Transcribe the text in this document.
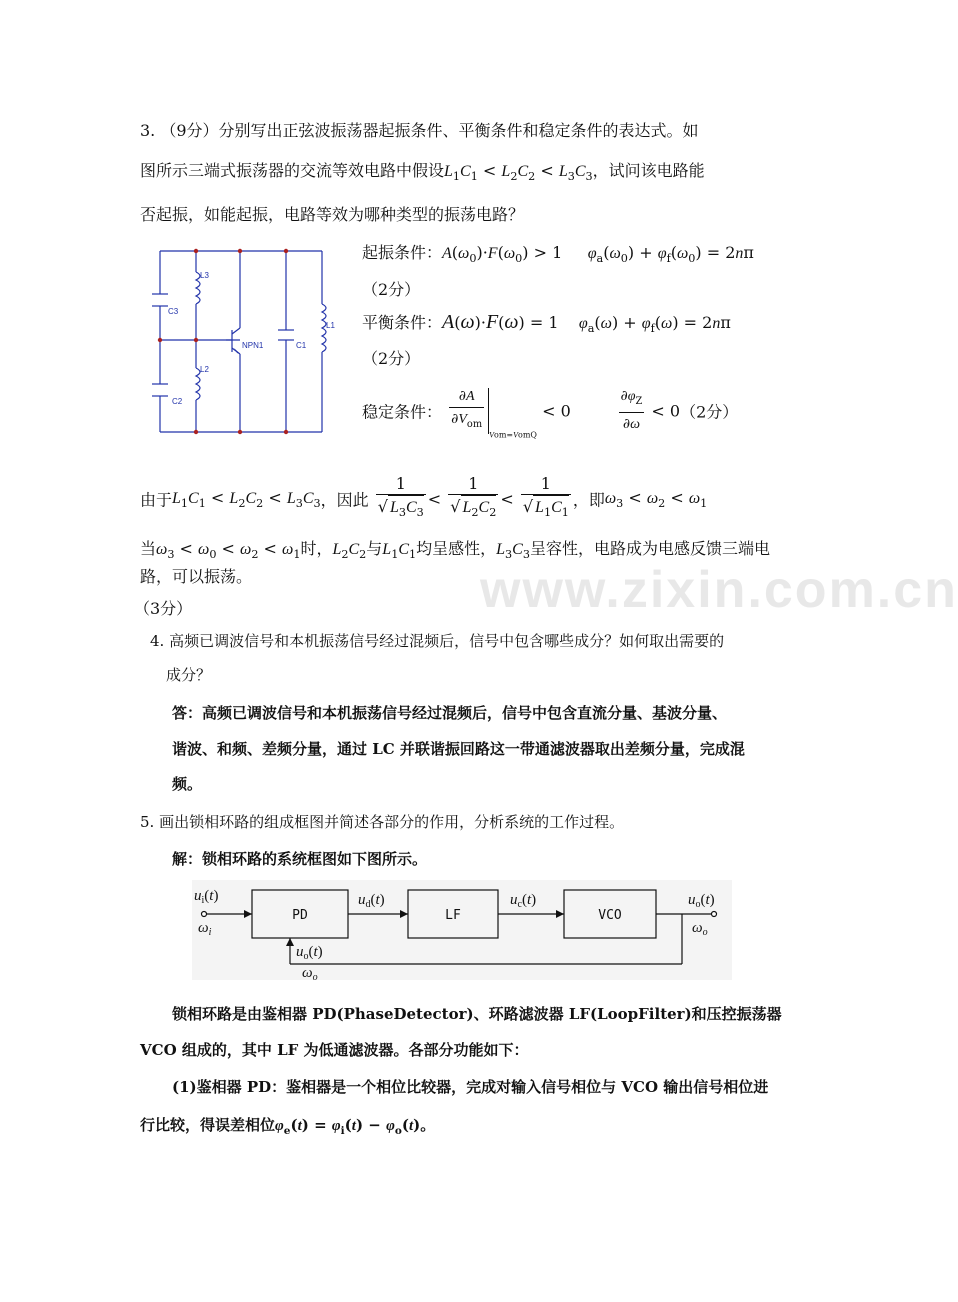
www.zixin.com.cn
3. （9分）分别写出正弦波振荡器起振条件、平衡条件和稳定条件的表达式。如
图所示三端式振荡器的交流等效电路中假设$L_1C_1 < L_2C_2 < L_3C_3$，试问该电路能
否起振，如能起振，电路等效为哪种类型的振荡电路？
C3
L3
NPN1	C1
L1
L2
C2
起振条件：$A(\omega_0)\cdot F(\omega_0) > 1$     $\varphi_a(\omega_0) + \varphi_f(\omega_0) = 2n\pi$
（2分）
平衡条件：A(ω)·F(ω) = 1    $\varphi_a(\omega) + \varphi_f(\omega) = 2n\pi$
（2分）
稳定条件： $\frac{\partial A}{\partial V_{om}} _{Vom=VomQ} < 0 \frac{\partial\varphi_Z}{\partial\omega} < 0(2$分）
由于$L_1C_1 < L_2C_2 < L_3C_3$，因此 $\frac{1}{√ L_3C_3} < \frac{1}{√ L_2C_2} < \frac{1}{√ L_1C_1}$ ，即$\omega_3 < \omega_2 < \omega_1$
当$\omega_3 < \omega_0 < \omega_2 < \omega_1$时，$L_2C_2$与$L_1C_1$均呈感性，$L_3C_3$呈容性，电路成为电感反馈三端电
路，可以振荡。
（3分）
4. 高频已调波信号和本机振荡信号经过混频后，信号中包含哪些成分？如何取出需要的
成分？
答：高频已调波信号和本机振荡信号经过混频后，信号中包含直流分量、基波分量、
谐波、和频、差频分量，通过 LC 并联谐振回路这一带通滤波器取出差频分量，完成混
频。
5. 画出锁相环路的组成框图并简述各部分的作用，分析系统的工作过程。
解：锁相环路的系统框图如下图所示。
PD	LF	VCO
$u_i(t)$
$\omega_i$
$u_d(t)$	$u_c(t)$	$u_o(t)$
$\omega_o$
$u_o(t)$
$\omega_o$
锁相环路是由鉴相器 PD(PhaseDetector)、环路滤波器 LF(LoopFilter)和压控振荡器
VCO 组成的，其中 LF 为低通滤波器。各部分功能如下：
(1)鉴相器 PD：鉴相器是一个相位比较器，完成对输入信号相位与 VCO 输出信号相位进
行比较，得误差相位$\varphi_e(t) = \varphi_i(t) - \varphi_o(t)$。
